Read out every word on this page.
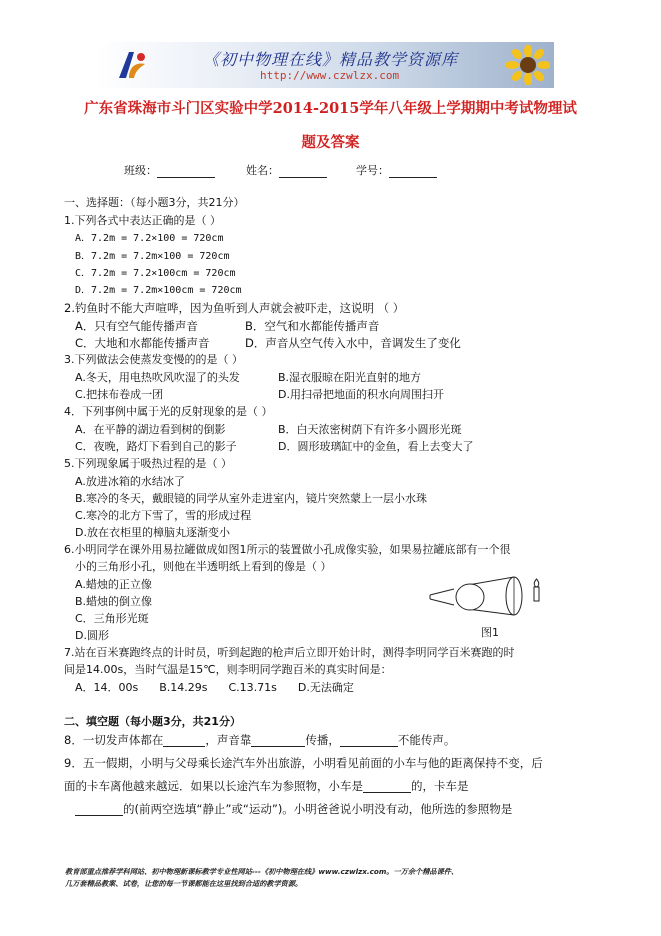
《初中物理在线》精品教学资源库
http://www.czwlzx.com
广东省珠海市斗门区实验中学2014-2015学年八年级上学期期中考试物理试
题及答案
班级：	姓名：	学号：
一、选择题：（每小题3分，共21分）
1.下列各式中表达正确的是（ ）
A．7.2m = 7.2×100 = 720cm
B．7.2m = 7.2m×100 = 720cm
C．7.2m = 7.2×100cm = 720cm
D．7.2m = 7.2m×100cm = 720cm
2.钓鱼时不能大声喧哗，因为鱼听到人声就会被吓走，这说明 （ ）
A．只有空气能传播声音	B．空气和水都能传播声音
C．大地和水都能传播声音	D．声音从空气传入水中，音调发生了变化
3.下列做法会使蒸发变慢的的是（ ）
A.冬天，用电热吹风吹湿了的头发	B.湿衣服晾在阳光直射的地方
C.把抹布卷成一团	D.用扫帚把地面的积水向周围扫开
4．下列事例中属于光的反射现象的是（ ）
A．在平静的湖边看到树的倒影	B．白天浓密树荫下有许多小圆形光斑
C．夜晚，路灯下看到自己的影子	D．圆形玻璃缸中的金鱼，看上去变大了
5.下列现象属于吸热过程的是（ ）
A.放进冰箱的水结冰了
B.寒冷的冬天，戴眼镜的同学从室外走进室内，镜片突然蒙上一层小水珠
C.寒冷的北方下雪了，雪的形成过程
D.放在衣柜里的樟脑丸逐渐变小
6.小明同学在课外用易拉罐做成如图1所示的装置做小孔成像实验，如果易拉罐底部有一个很
小的三角形小孔，则他在半透明纸上看到的像是（ ）
A.蜡烛的正立像
B.蜡烛的倒立像
C．三角形光斑
D.圆形	图1
7.站在百米赛跑终点的计时员，听到起跑的枪声后立即开始计时，测得李明同学百米赛跑的时
间是14.00s，当时气温是15℃，则李明同学跑百米的真实时间是：
A．14．00s      B.14.29s      C.13.71s      D.无法确定
二、填空题（每小题3分，共21分）
8．一切发声体都在	，声音靠	传播，	不能传声。
9．五一假期，小明与父母乘长途汽车外出旅游，小明看见前面的小车与他的距离保持不变，后
面的卡车离他越来越远．如果以长途汽车为参照物，小车是	的，卡车是
的(前两空选填“静止”或“运动”)。小明爸爸说小明没有动，他所选的参照物是
教育部重点推荐学科网站、初中物理新课标教学专业性网站---《初中物理在线》www.czwlzx.com。一万余个精品课件、
几万套精品教案、试卷，让您的每一节课都能在这里找到合适的教学资源。
